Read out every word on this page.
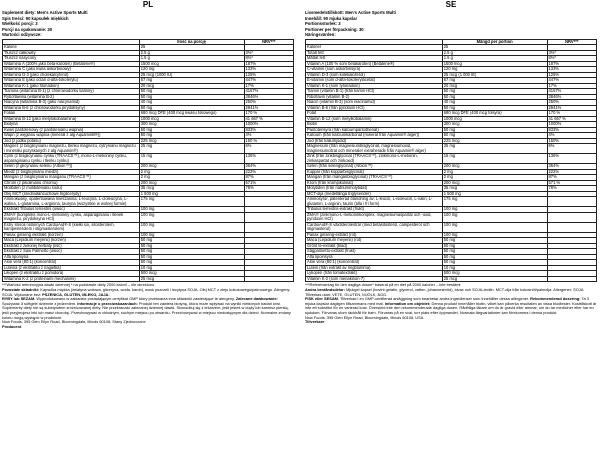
PL
Suplement diety: Men's Active Sports Multi
Spis treści: 90 kapsułek miękkich
Wielkość porcji: 3
Porcji na opakowanie: 30
Wartości odżywcze:
	Ilość na porcję	NRV***
Kalorie	25	
Tłuszcz całkowity	2.5 g	3%*
Tłuszcz nasycony	1.5 g	8%*
Witamina A (100% jako beta-karoten) (Betatene®)	1500 mcg	187%
Witamina C (jako kwas askorbinowy)	120 mg	133%
Witamina D-3 (jako cholekalcyferol)	25 mcg (1000 IU)	125%
Witamina E (jako octan d-alfa-tokoferylu)	67 mg	447%
Witamina K-1 (jako fitonadion)	20 mcg	17%
Tiamina (witamina B-1) (z chlorowodorku tiaminy)	50 mg	4167%
Ryboflawina (witamina B-2)	50 mg	3846%
Niacyna (witamina B-3) (jako niacynamid)	40 mg	250%
Witamina B-6 (z chlorowodorku pirydoksyny)	50 mg	2941%
Folian	680 mcg DFE (400 mcg kwasu foliowego)	170 %
Witamina B-12 (jako metylokobalamina)	1000 mcg	41 667 %
Biotyna	300 mcg	1000%
Kwas pantotenowy (z pantotenianu wapnia)	50 mg	833%
Wapń [z węglanu wapnia (minerał z alg AquaminB®)]	50 mg	4%
Jod (z jodku potasu)	225 mcg	150 %
Magnez (z bisglicynianu magnezu, tlenku magnezu, cytrynianu magnezu i minerału pozyskanych z alg Aquamin®)	25 mg	6%
Cynk (z bisglicynianu cynku (TRAACS™), mono-L-metioniny cynku, asparaginianu cynku i tlenku cynku)	15 mg	136%
Selen (z glicynianu selenu (Albion™))	200 mcg	364%
Miedź (z bisglicynianu miedzi)	2 mg	222%
Mangan (z bisglicynianu manganu (TRAACS™)	2 mg	87%
Chrom (z pikolinianu chromu)	200 mcg	571%
Molibden (z molibdenianu sodu)	35 mcg	78%
Olej MCT (średniołańcuchowe triglicerydy)	1 500 mg	
Aminokwasy, opatentowana mieszanina: L-leucyna, L-izoleucyna, L-walina, L-glutamina, L-arginina, tauryna (wszystkie w wolnej formie)	175 mg	
Ekstrakt Tribulus terrestris (owoc)	100 mg	
ZMA® (kompleks mono-L-metioniny cynku, asparaginianu i tlenek magnezu, pirydoksyna HCl)	100 mg	
Estry steroli roślinnych CardioAid®-S (kiełki soi, sitosterolem, kampesterolem i stigmasterolem)	100 mg	
Panax ginseng ekstrakt (korzeń)	100 mg	
Maca (Lepidium meyenii) (korzeń)	50 mg	
Ekstrakt z zielonej herbaty (liść)	50 mg	
Ekstrakt z Saw Palmetto (owoc)	50 mg	
Alfa liponiyna	50 mg	
Aloe vera (80:1) (koncentrat)	50 mg	
Luteina (z ekstraktu z nagietka)	10 mg	
Likopen (z ekstraktu z pomidora)	500 mcg	
Witamina K-2 (z proteinami mechanimi)	25 mcg	
***Wartość referencyjna dawki dziennej * na podstawie diety 2000 kalorii – nie określono.
Pozostałe składniki: Kapsułka miękka (żelatyna wołowa, gliceryna, woda, karob), wosk pszczeli i lecytyna SOJA. Olej MCT z oleju kokosowego/palmowego. Alergeny: SOJA. Wykonane bez: PSZENICA, GLUTEN, MLEKO, JAJA.
RYBY lub SEZAM. Wyprodukowano w zakładzie posiadającym certyfikat GMP który przetwarza inne składniki zawierające te alergeny. Zalecane dawkowanie: Spożywać 3 softgele dziennie z jedzeniem. Informacje o przeciwskazaniach: Produkt ten zawiera biotynę, która może wpływać na wyniki niektórych badań krwi. Suplementy diety nie są substytutem zróżnicowanej diety. Nie przekraczać zalecanej dziennej dawki. Skonsultuj się z lekarzem, jeśli jesteś w ciąży lub karmisz piersią, jeśli przyjmujesz leki lub masz chorobę. Przechowywać w chłodnym, suchym miejscu po otwarciu. Przechowywać w miejscu niedostępnym dla dzieci. Normalne zmiany koloru mogą wystąpić w produkcie.
Now Foods, 395 Glen Ellyn Road, Bloomingdale, Illinois 60108, Stany Zjednoczone
Producent
SE
Livsmedelstillskott: Men's Active Sports Multi
Innehåll: 90 mjuka kapslar
Portionsstorlek: 3
Portioner per förpackning: 30
Näringsvärden:
	Mängd per portion	NRV***
Kalorier	25	
Totalt fett	2.5 g	3%*
Mättat fett	1.5 g	8%*
Vitamin A (100 % som betakaroten) (Betatene®)	1500 mcg	187%
C-vitamin (som askorbinsyra)	120 mg	133%
Vitamin D-3 (som kolekalciferol)	25 mcg (1 000 IE)	125%
E-vitamin (som d-alfa-tokoferylacetat)	67 mg	447%
Vitamin K-1 (som fytonadion)	20 mcg	17%
Tiamin (vitamin B-1) (från tiamin HCl)	50 mg	4167%
Riboflavin (vitamin B-2)	50 mg	3846%
Niacin (vitamin B-3) (som niacinamid)	40 mg	250%
Vitamin B-6 (från pyridoxin HCl)	50 mg	2941%
Folat	680 mcg DFE (400 mcg folsyra)	170 %
Vitamin B-12 (som metylkobalamin)	1000 mcg	41 667 %
Biotin	300 mcg	1000%
Pantotensyra (från kalciumpantothenat)	50 mg	833%
Kalcium (från kalciumkarbonat (mineral från Aquamin® alger))	50 mg	4%
Jod (från kaliumjodid)	225 mcg	150%
Magnesium (från magnesiumbisglycinat, magnesiumoxid, magnesiumcitrat och mineraler extraherade från Aquamin® alger)	25 mg	6%
Zink (från zinkbisglycinat (TRAACS™), zinkmono-L-metionin, zinkaspartat och zinkoxid)	15 mg	136%
Selen (från selenglycinat) (Albion™)	200 mcg	364%
Koppar (från kopparbisglycinat)	2 mg	222%
Mangan (från manganbisglycinat) (TRAACS™)	2 mg	87%
Krom (från krompikolinat)	200 mcg	571 %
Molybden (från natriummolybdat)	35 mcg	78%
MCT-olja (medellånga triglycerider)	1 500 mg	
Aminosyror, patenterad blandning av: L-leucin, L-isoleucin, L-valin, L-glutamin, L-arginin, taurin (alla i fri form)	175 mg	
Tribulus terrestris-extrakt (frukt)	100 mg	
ZMA® (zinkmono-L-metioninkomplex, magnesiumaspartat och -oxid, pyridoxin HCl)	100 mg	
CardioAid®-S växtsterolestrar (med betasitosterol, campesterol och stigmasterol)	100 mg	
Panax ginseng-extrakt (rot)	100 mg	
Maca (Lepidium meyenii) (rot)	50 mg	
Grönt te-extrakt (blad)	50 mg	
Sågpalmetto-extrakt (frukt)	50 mg	
Alfa lipoinsyra	50 mg	
Aloe vera (80:1) (koncentrat)	50 mg	
Lutein (från extrakt av ringblomma)	10 mg	
Lykopen (från tomatextrakt)	500 mcg	
Vitamin K-2 (som menakinon-7)	25 mcg	
***Referensintag för den dagliga dosen* baserat på en diet på 2000 kalorier – inte bestämt
Andra beståndsdelar: Mjukgel kapsel (bovint gelatin, glycerol, vatten, johannesbröd), bivax och SOJA-lecitin. MCT-olja från kokosnöt/palmolja. Allergener: SOJA. Tillverkas utan: VETE, GLUTEN, MJÖLK, ÄGG.
FISK eller SESAM. Tillverkad i en GMP-certifierad anläggning som bearbetar andra ingredienser som innehåller dessa allergener. Rekommenderad dosering: Ta 3 mjuka kapslar dagligen tillsammans med mat. Information om objektet: Denna produkt innehåller biotin, vilket kan påverka resultaten av vissa blodtester. Kosttillskott är inte ett substitut för en varierad kost. Överskrid inte den rekommenderade dagliga dosen. Rådfråga läkare om du är gravid eller ammar, om du tar mediciner eller har en sjukdom. Förvaras utom räckhåll för barn. Förvaras på en sval, torr plats efter öppnandet. Normala färgvariationer kan förekomma i denna produkt.
Now Foods, 395 Glen Ellyn Road, Bloomingdale, Illinois 60108, USA
Tillverkare
